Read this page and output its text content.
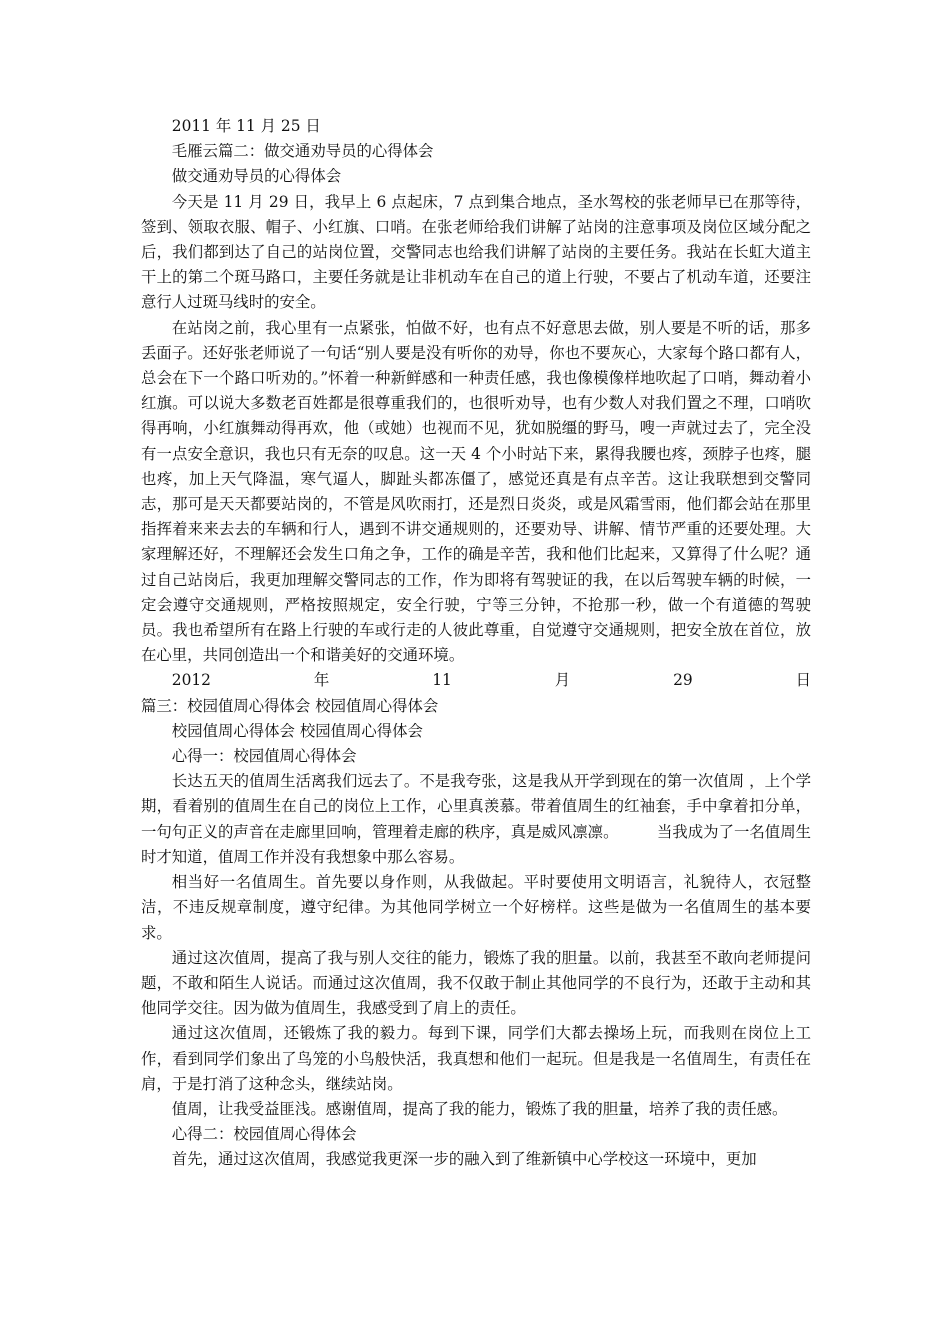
2011 年 11 月 25 日

毛雁云篇二：做交通劝导员的心得体会

做交通劝导员的心得体会

今天是 11 月 29 日，我早上 6 点起床，7 点到集合地点，圣水驾校的张老师早已在那等待，签到、领取衣服、帽子、小红旗、口哨。在张老师给我们讲解了站岗的注意事项及岗位区域分配之后，我们都到达了自己的站岗位置，交警同志也给我们讲解了站岗的主要任务。我站在长虹大道主干上的第二个斑马路口，主要任务就是让非机动车在自己的道上行驶，不要占了机动车道，还要注意行人过斑马线时的安全。

在站岗之前，我心里有一点紧张，怕做不好，也有点不好意思去做，别人要是不听的话，那多丢面子。还好张老师说了一句话“别人要是没有听你的劝导，你也不要灰心，大家每个路口都有人，总会在下一个路口听劝的。”怀着一种新鲜感和一种责任感，我也像模像样地吹起了口哨，舞动着小红旗。可以说大多数老百姓都是很尊重我们的，也很听劝导，也有少数人对我们置之不理，口哨吹得再响，小红旗舞动得再欢，他（或她）也视而不见，犹如脱缰的野马，嗖一声就过去了，完全没有一点安全意识，我也只有无奈的叹息。这一天 4 个小时站下来，累得我腰也疼，颈脖子也疼，腿也疼，加上天气降温，寒气逼人，脚趾头都冻僵了，感觉还真是有点辛苦。这让我联想到交警同志，那可是天天都要站岗的，不管是风吹雨打，还是烈日炎炎，或是风霜雪雨，他们都会站在那里指挥着来来去去的车辆和行人，遇到不讲交通规则的，还要劝导、讲解、情节严重的还要处理。大家理解还好，不理解还会发生口角之争，工作的确是辛苦，我和他们比起来，又算得了什么呢？通过自己站岗后，我更加理解交警同志的工作，作为即将有驾驶证的我，在以后驾驶车辆的时候，一定会遵守交通规则，严格按照规定，安全行驶，宁等三分钟，不抢那一秒，做一个有道德的驾驶员。我也希望所有在路上行驶的车或行走的人彼此尊重，自觉遵守交通规则，把安全放在首位，放在心里，共同创造出一个和谐美好的交通环境。

2012	年	11	月	29	日

篇三：校园值周心得体会 校园值周心得体会

校园值周心得体会 校园值周心得体会

心得一：校园值周心得体会

长达五天的值周生活离我们远去了。不是我夸张，这是我从开学到现在的第一次值周 ，上个学期，看着别的值周生在自己的岗位上工作，心里真羡慕。带着值周生的红袖套，手中拿着扣分单，一句句正义的声音在走廊里回响，管理着走廊的秩序，真是威风凛凛。　　　当我成为了一名值周生时才知道，值周工作并没有我想象中那么容易。

相当好一名值周生。首先要以身作则，从我做起。平时要使用文明语言，礼貌待人，衣冠整洁，不违反规章制度，遵守纪律。为其他同学树立一个好榜样。这些是做为一名值周生的基本要求。

通过这次值周，提高了我与别人交往的能力，锻炼了我的胆量。以前，我甚至不敢向老师提问题，不敢和陌生人说话。而通过这次值周，我不仅敢于制止其他同学的不良行为，还敢于主动和其他同学交往。因为做为值周生，我感受到了肩上的责任。

通过这次值周，还锻炼了我的毅力。每到下课，同学们大都去操场上玩，而我则在岗位上工作，看到同学们象出了鸟笼的小鸟般快活，我真想和他们一起玩。但是我是一名值周生，有责任在肩，于是打消了这种念头，继续站岗。

值周，让我受益匪浅。感谢值周，提高了我的能力，锻炼了我的胆量，培养了我的责任感。

心得二：校园值周心得体会

首先，通过这次值周，我感觉我更深一步的融入到了维新镇中心学校这一环境中，更加
